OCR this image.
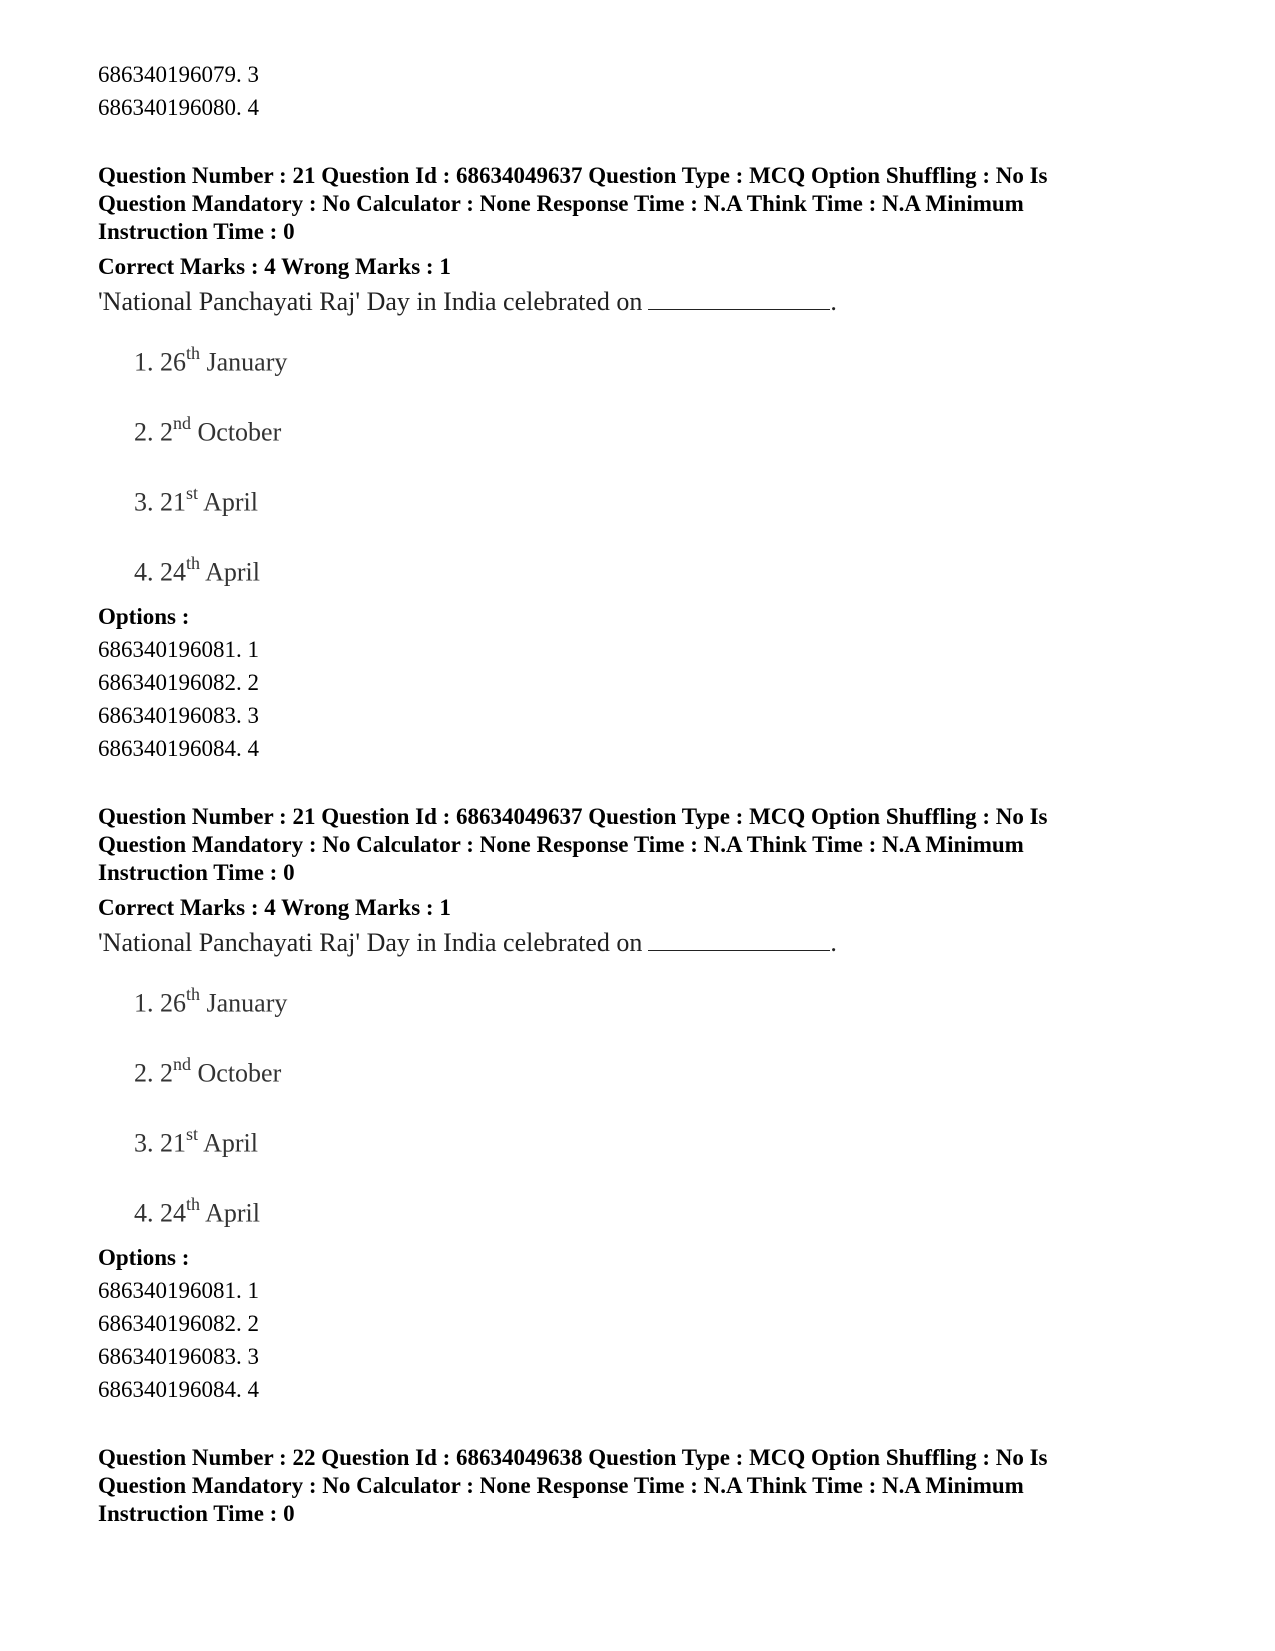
686340196079. 3

686340196080. 4

Question Number : 21 Question Id : 68634049637 Question Type : MCQ Option Shuffling : No Is

Question Mandatory : No Calculator : None Response Time : N.A Think Time : N.A Minimum

Instruction Time : 0

Correct Marks : 4 Wrong Marks : 1

'National Panchayati Raj' Day in India celebrated on	.

1. 26th January
2. 2nd October
3. 21st April
4. 24th April

Options :

686340196081. 1

686340196082. 2

686340196083. 3

686340196084. 4

Question Number : 21 Question Id : 68634049637 Question Type : MCQ Option Shuffling : No Is

Question Mandatory : No Calculator : None Response Time : N.A Think Time : N.A Minimum

Instruction Time : 0

Correct Marks : 4 Wrong Marks : 1

'National Panchayati Raj' Day in India celebrated on	.

1. 26th January
2. 2nd October
3. 21st April
4. 24th April

Options :

686340196081. 1

686340196082. 2

686340196083. 3

686340196084. 4

Question Number : 22 Question Id : 68634049638 Question Type : MCQ Option Shuffling : No Is

Question Mandatory : No Calculator : None Response Time : N.A Think Time : N.A Minimum

Instruction Time : 0
